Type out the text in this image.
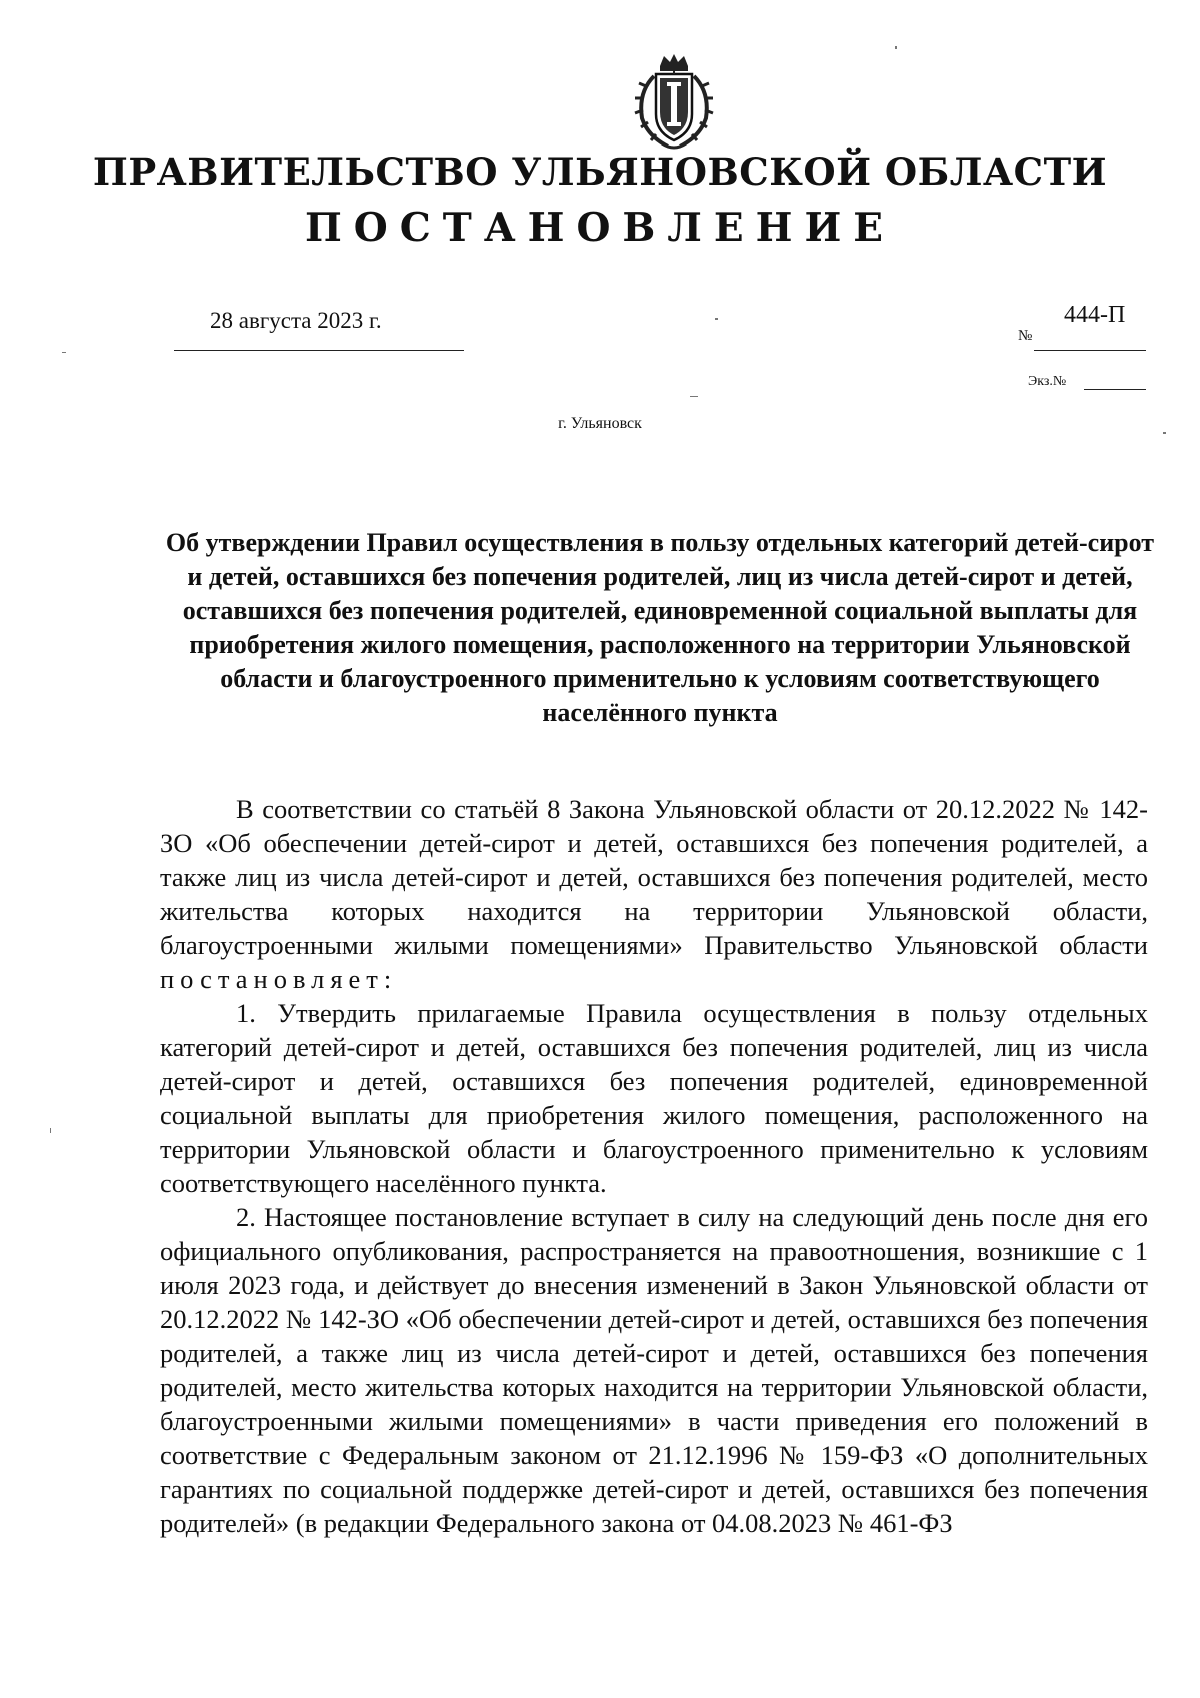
ПРАВИТЕЛЬСТВО УЛЬЯНОВСКОЙ ОБЛАСТИ
ПОСТАНОВЛЕНИЕ
28 августа 2023 г.
№
444-П
Экз.№
г. Ульяновск
Об утверждении Правил осуществления в пользу отдельных категорий детей-сирот и детей, оставшихся без попечения родителей, лиц из числа детей-сирот и детей, оставшихся без попечения родителей, единовременной социальной выплаты для приобретения жилого помещения, расположенного на территории Ульяновской области и благоустроенного применительно к условиям соответствующего населённого пункта

В соответствии со статьёй 8 Закона Ульяновской области от 20.12.2022 № 142-ЗО «Об обеспечении детей-сирот и детей, оставшихся без попечения родителей, а также лиц из числа детей-сирот и детей, оставшихся без попечения родителей, место жительства которых находится на территории Ульяновской области, благоустроенными жилыми помещениями» Правительство Ульяновской области постановляет:

1. Утвердить прилагаемые Правила осуществления в пользу отдельных категорий детей-сирот и детей, оставшихся без попечения родителей, лиц из числа детей-сирот и детей, оставшихся без попечения родителей, единовременной социальной выплаты для приобретения жилого помещения, расположенного на территории Ульяновской области и благоустроенного применительно к условиям соответствующего населённого пункта.

2. Настоящее постановление вступает в силу на следующий день после дня его официального опубликования, распространяется на правоотношения, возникшие с 1 июля 2023 года, и действует до внесения изменений в Закон Ульяновской области от 20.12.2022 № 142-ЗО «Об обеспечении детей-сирот и детей, оставшихся без попечения родителей, а также лиц из числа детей-сирот и детей, оставшихся без попечения родителей, место жительства которых находится на территории Ульяновской области, благоустроенными жилыми помещениями» в части приведения его положений в соответствие с Федеральным законом от 21.12.1996 № 159-ФЗ «О дополнительных гарантиях по социальной поддержке детей-сирот и детей, оставшихся без попечения родителей» (в редакции Федерального закона от 04.08.2023 № 461-ФЗ
